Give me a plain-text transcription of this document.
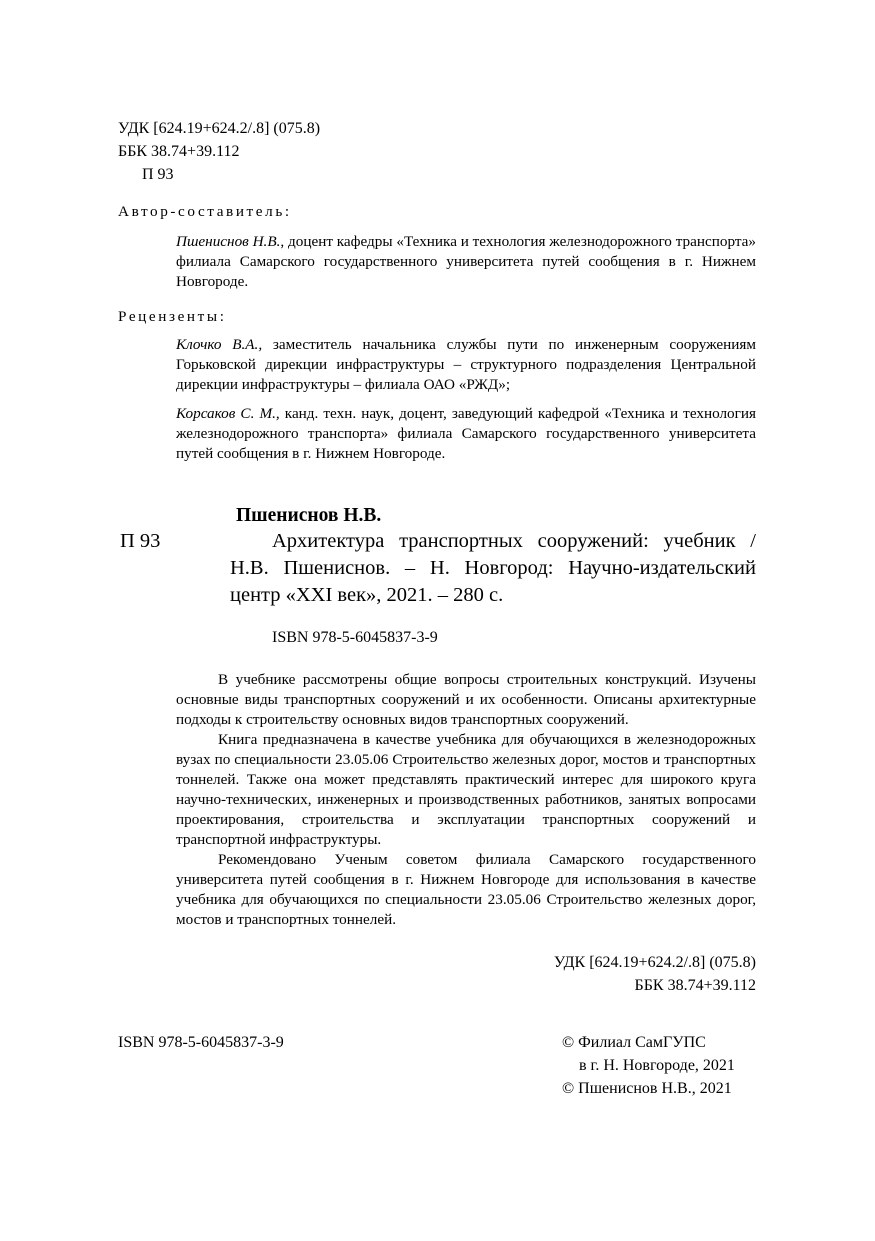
УДК [624.19+624.2/.8] (075.8)
ББК 38.74+39.112
П 93
Автор-составитель:
Пшениснов Н.В., доцент кафедры «Техника и технология железнодорожного транспорта» филиала Самарского государственного университета путей сообщения в г. Нижнем Новгороде.
Рецензенты:
Клочко В.А., заместитель начальника службы пути по инженерным сооружениям Горьковской дирекции инфраструктуры – структурного подразделения Центральной дирекции инфраструктуры – филиала ОАО «РЖД»;
Корсаков С. М., канд. техн. наук, доцент, заведующий кафедрой «Техника и технология железнодорожного транспорта» филиала Самарского государственного университета путей сообщения в г. Нижнем Новгороде.
Пшениснов Н.В.
П 93	Архитектура транспортных сооружений: учебник / Н.В. Пшениснов. – Н. Новгород: Научно-издательский центр «XXI век», 2021. – 280 с.
ISBN 978-5-6045837-3-9
В учебнике рассмотрены общие вопросы строительных конструкций. Изучены основные виды транспортных сооружений и их особенности. Описаны архитектурные подходы к строительству основных видов транспортных сооружений.
Книга предназначена в качестве учебника для обучающихся в железнодорожных вузах по специальности 23.05.06 Строительство железных дорог, мостов и транспортных тоннелей. Также она может представлять практический интерес для широкого круга научно-технических, инженерных и производственных работников, занятых вопросами проектирования, строительства и эксплуатации транспортных сооружений и транспортной инфраструктуры.
Рекомендовано Ученым советом филиала Самарского государственного университета путей сообщения в г. Нижнем Новгороде для использования в качестве учебника для обучающихся по специальности 23.05.06 Строительство железных дорог, мостов и транспортных тоннелей.
УДК [624.19+624.2/.8] (075.8)
ББК 38.74+39.112
ISBN 978-5-6045837-3-9	© Филиал СамГУПС
в г. Н. Новгороде, 2021
© Пшениснов Н.В., 2021
